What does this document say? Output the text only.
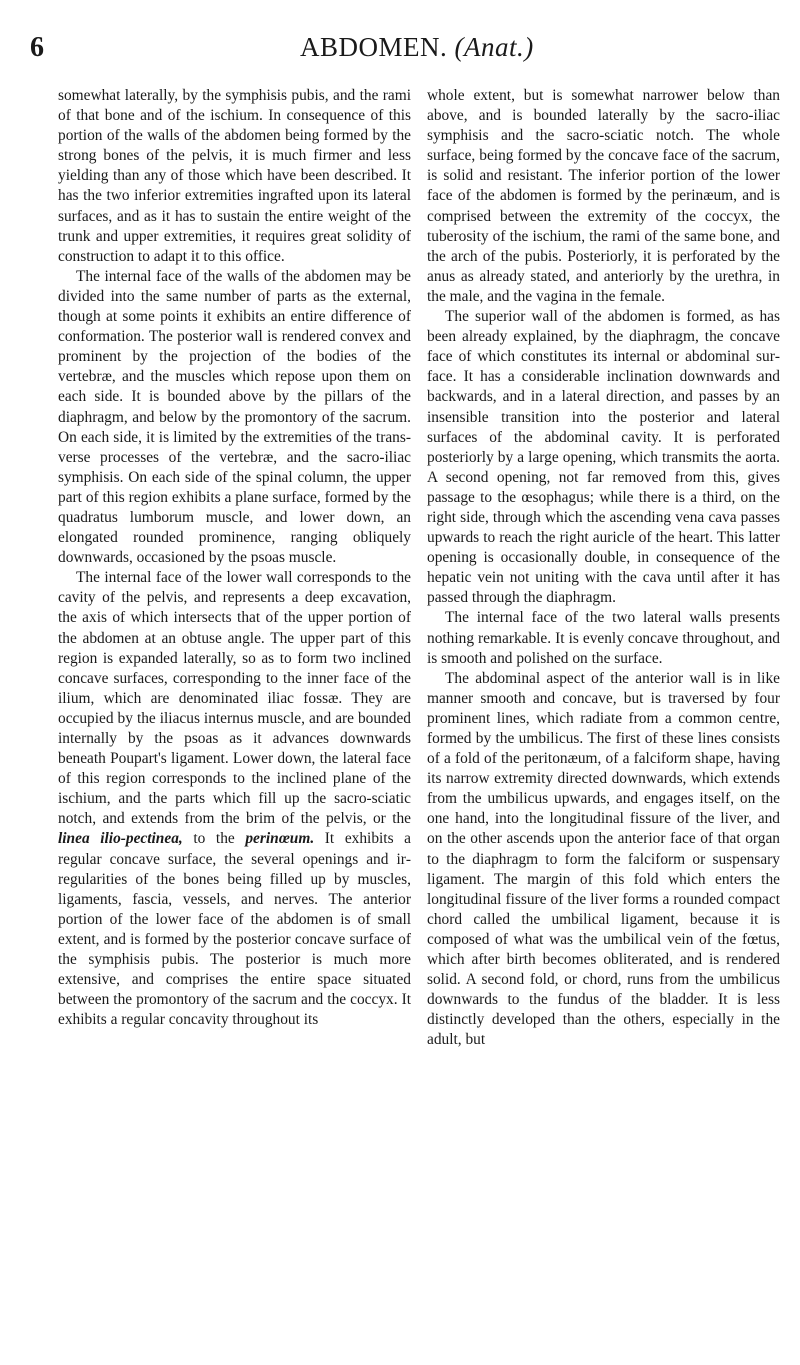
6	ABDOMEN. (Anat.)

somewhat laterally, by the symphisis pubis, and the rami of that bone and of the ischium. In consequence of this portion of the walls of the abdomen being formed by the strong bones of the pelvis, it is much firmer and less yielding than any of those which have been described. It has the two inferior extremities ingrafted upon its lateral surfaces, and as it has to sustain the entire weight of the trunk and upper extremities, it requires great solidity of construction to adapt it to this office.

The internal face of the walls of the abdomen may be divided into the same number of parts as the external, though at some points it exhibits an entire difference of conformation. The posterior wall is rendered convex and prominent by the projection of the bodies of the vertebræ, and the muscles which repose upon them on each side. It is bounded above by the pillars of the diaphragm, and below by the promontory of the sacrum. On each side, it is limited by the extremities of the transverse processes of the vertebræ, and the sacro-iliac symphisis. On each side of the spinal column, the upper part of this region exhibits a plane surface, formed by the quadratus lumborum muscle, and lower down, an elongated rounded prominence, ranging obliquely downwards, occasioned by the psoas muscle.

The internal face of the lower wall corresponds to the cavity of the pelvis, and represents a deep excavation, the axis of which intersects that of the upper portion of the abdomen at an obtuse angle. The upper part of this region is expanded laterally, so as to form two inclined concave surfaces, corresponding to the inner face of the ilium, which are denominated iliac fossæ. They are occupied by the iliacus internus muscle, and are bounded internally by the psoas as it advances downwards beneath Poupart's ligament. Lower down, the lateral face of this region corresponds to the inclined plane of the ischium, and the parts which fill up the sacro-sciatic notch, and extends from the brim of the pelvis, or the linea ilio-pectinea, to the perinœum. It exhibits a regular concave surface, the several openings and irregularities of the bones being filled up by muscles, ligaments, fascia, vessels, and nerves. The anterior portion of the lower face of the abdomen is of small extent, and is formed by the posterior concave surface of the symphisis pubis. The posterior is much more extensive, and comprises the entire space situated between the promontory of the sacrum and the coccyx. It exhibits a regular concavity throughout its

whole extent, but is somewhat narrower below than above, and is bounded laterally by the sacro-iliac symphisis and the sacro-sciatic notch. The whole surface, being formed by the concave face of the sacrum, is solid and resistant. The inferior portion of the lower face of the abdomen is formed by the perinæum, and is comprised between the extremity of the coccyx, the tuberosity of the ischium, the rami of the same bone, and the arch of the pubis. Posteriorly, it is perforated by the anus as already stated, and anteriorly by the urethra, in the male, and the vagina in the female.

The superior wall of the abdomen is formed, as has been already explained, by the diaphragm, the concave face of which constitutes its internal or abdominal surface. It has a considerable inclination downwards and backwards, and in a lateral direction, and passes by an insensible transition into the posterior and lateral surfaces of the abdominal cavity. It is perforated posteriorly by a large opening, which transmits the aorta. A second opening, not far removed from this, gives passage to the œsophagus; while there is a third, on the right side, through which the ascending vena cava passes upwards to reach the right auricle of the heart. This latter opening is occasionally double, in consequence of the hepatic vein not uniting with the cava until after it has passed through the diaphragm.

The internal face of the two lateral walls presents nothing remarkable. It is evenly concave throughout, and is smooth and polished on the surface.

The abdominal aspect of the anterior wall is in like manner smooth and concave, but is traversed by four prominent lines, which radiate from a common centre, formed by the umbilicus. The first of these lines consists of a fold of the peritonæum, of a falciform shape, having its narrow extremity directed downwards, which extends from the umbilicus upwards, and engages itself, on the one hand, into the longitudinal fissure of the liver, and on the other ascends upon the anterior face of that organ to the diaphragm to form the falciform or suspensary ligament. The margin of this fold which enters the longitudinal fissure of the liver forms a rounded compact chord called the umbilical ligament, because it is composed of what was the umbilical vein of the fœtus, which after birth becomes obliterated, and is rendered solid. A second fold, or chord, runs from the umbilicus downwards to the fundus of the bladder. It is less distinctly developed than the others, especially in the adult, but
